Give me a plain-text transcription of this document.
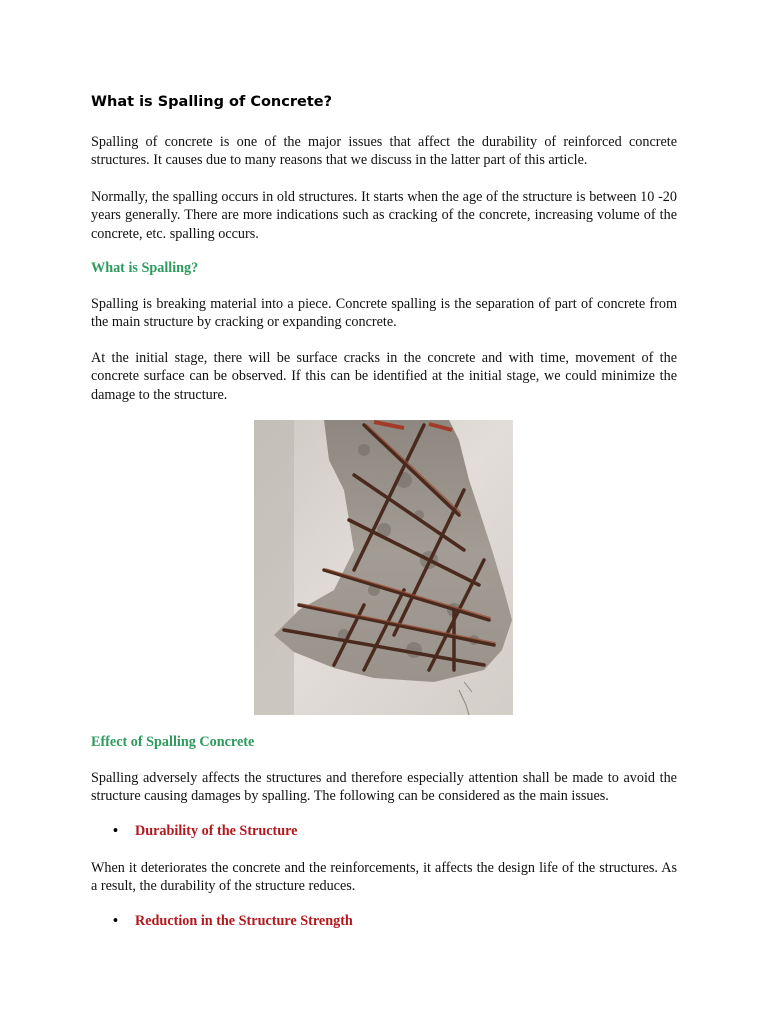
What is Spalling of Concrete?

Spalling of concrete is one of the major issues that affect the durability of reinforced concrete structures. It causes due to many reasons that we discuss in the latter part of this article.

Normally, the spalling occurs in old structures. It starts when the age of the structure is between 10 -20 years generally. There are more indications such as cracking of the concrete, increasing volume of the concrete, etc. spalling occurs.

What is Spalling?

Spalling is breaking material into a piece. Concrete spalling is the separation of part of concrete from the main structure by cracking or expanding concrete.

At the initial stage, there will be surface cracks in the concrete and with time, movement of the concrete surface can be observed. If this can be identified at the initial stage, we could minimize the damage to the structure.

Effect of Spalling Concrete

Spalling adversely affects the structures and therefore especially attention shall be made to avoid the structure causing damages by spalling. The following can be considered as the main issues.

• Durability of the Structure

When it deteriorates the concrete and the reinforcements, it affects the design life of the structures. As a result, the durability of the structure reduces.

• Reduction in the Structure Strength
